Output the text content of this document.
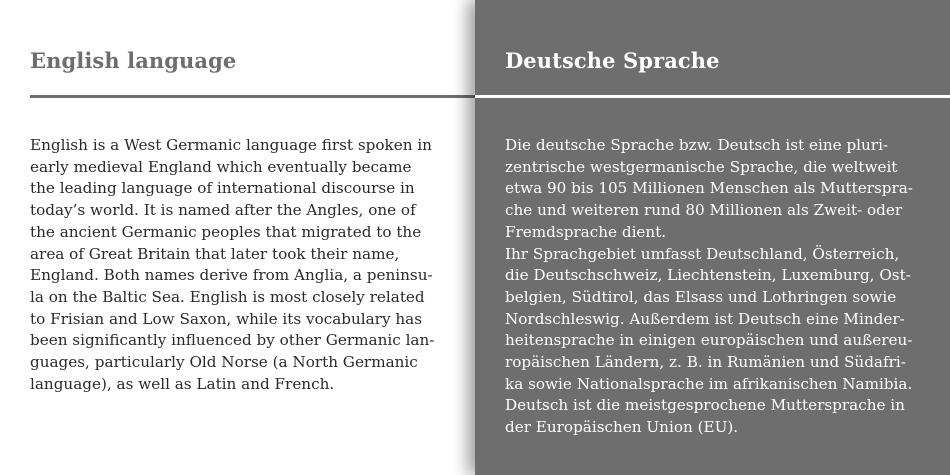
English language

English is a West Germanic language first spoken in
early medieval England which eventually became
the leading language of international discourse in
today’s world. It is named after the Angles, one of
the ancient Germanic peoples that migrated to the
area of Great Britain that later took their name,
England. Both names derive from Anglia, a peninsu-
la on the Baltic Sea. English is most closely related
to Frisian and Low Saxon, while its vocabulary has
been significantly influenced by other Germanic lan-
guages, particularly Old Norse (a North Germanic
language), as well as Latin and French.

Deutsche Sprache

Die deutsche Sprache bzw. Deutsch ist eine pluri-
zentrische westgermanische Sprache, die weltweit
etwa 90 bis 105 Millionen Menschen als Mutterspra-
che und weiteren rund 80 Millionen als Zweit- oder
Fremdsprache dient.
Ihr Sprachgebiet umfasst Deutschland, Österreich,
die Deutschschweiz, Liechtenstein, Luxemburg, Ost-
belgien, Südtirol, das Elsass und Lothringen sowie
Nordschleswig. Außerdem ist Deutsch eine Minder-
heitensprache in einigen europäischen und außereu-
ropäischen Ländern, z. B. in Rumänien und Südafri-
ka sowie Nationalsprache im afrikanischen Namibia.
Deutsch ist die meistgesprochene Muttersprache in
der Europäischen Union (EU).
